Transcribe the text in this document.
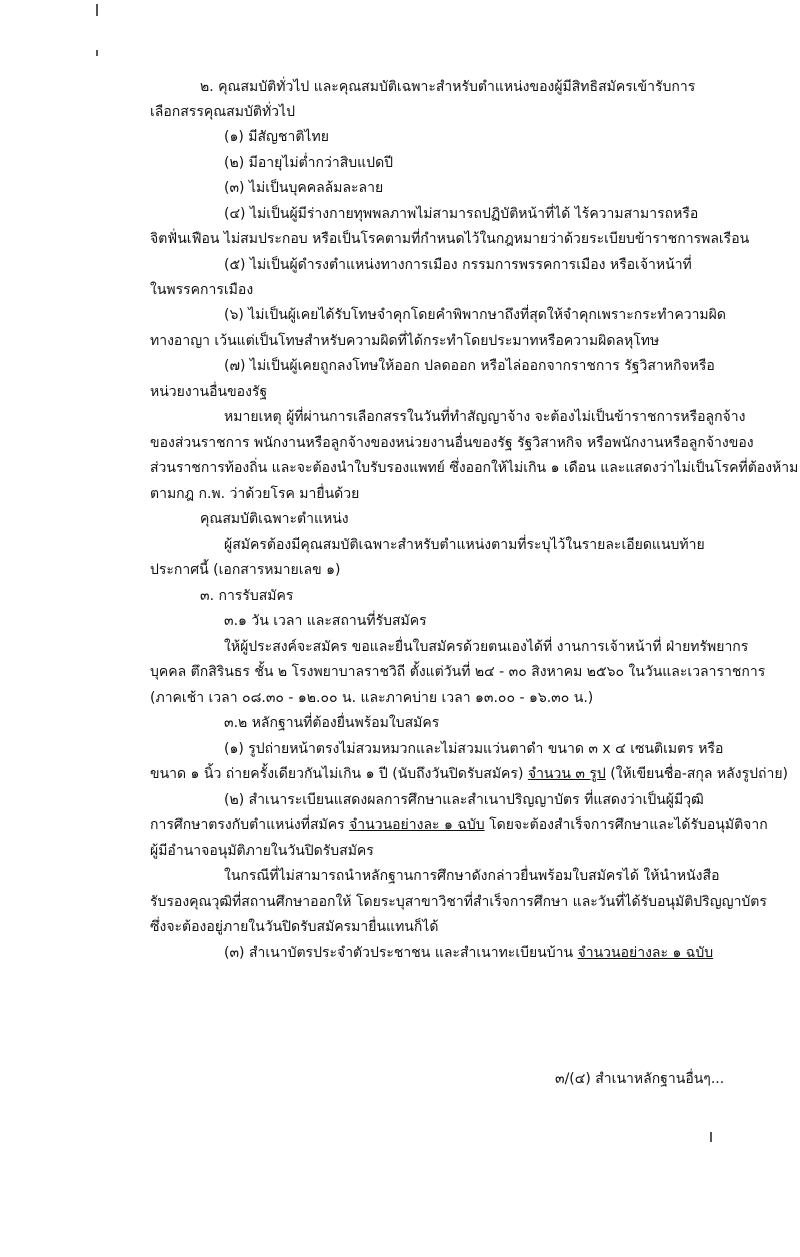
๒. คุณสมบัติทั่วไป และคุณสมบัติเฉพาะสำหรับตำแหน่งของผู้มีสิทธิสมัครเข้ารับการ
เลือกสรรคุณสมบัติทั่วไป
(๑) มีสัญชาติไทย
(๒) มีอายุไม่ต่ำกว่าสิบแปดปี
(๓) ไม่เป็นบุคคลล้มละลาย
(๔) ไม่เป็นผู้มีร่างกายทุพพลภาพไม่สามารถปฏิบัติหน้าที่ได้ ไร้ความสามารถหรือ
จิตฟั่นเฟือน ไม่สมประกอบ หรือเป็นโรคตามที่กำหนดไว้ในกฎหมายว่าด้วยระเบียบข้าราชการพลเรือน
(๕) ไม่เป็นผู้ดำรงตำแหน่งทางการเมือง กรรมการพรรคการเมือง หรือเจ้าหน้าที่
ในพรรคการเมือง
(๖) ไม่เป็นผู้เคยได้รับโทษจำคุกโดยคำพิพากษาถึงที่สุดให้จำคุกเพราะกระทำความผิด
ทางอาญา เว้นแต่เป็นโทษสำหรับความผิดที่ได้กระทำโดยประมาทหรือความผิดลหุโทษ
(๗) ไม่เป็นผู้เคยถูกลงโทษให้ออก ปลดออก หรือไล่ออกจากราชการ รัฐวิสาหกิจหรือ
หน่วยงานอื่นของรัฐ
หมายเหตุ ผู้ที่ผ่านการเลือกสรรในวันที่ทำสัญญาจ้าง จะต้องไม่เป็นข้าราชการหรือลูกจ้าง
ของส่วนราชการ พนักงานหรือลูกจ้างของหน่วยงานอื่นของรัฐ รัฐวิสาหกิจ หรือพนักงานหรือลูกจ้างของ
ส่วนราชการท้องถิ่น และจะต้องนำใบรับรองแพทย์ ซึ่งออกให้ไม่เกิน ๑ เดือน และแสดงว่าไม่เป็นโรคที่ต้องห้าม
ตามกฎ ก.พ. ว่าด้วยโรค มายื่นด้วย
คุณสมบัติเฉพาะตำแหน่ง
ผู้สมัครต้องมีคุณสมบัติเฉพาะสำหรับตำแหน่งตามที่ระบุไว้ในรายละเอียดแนบท้าย
ประกาศนี้ (เอกสารหมายเลข ๑)
๓. การรับสมัคร
๓.๑ วัน เวลา และสถานที่รับสมัคร
ให้ผู้ประสงค์จะสมัคร ขอและยื่นใบสมัครด้วยตนเองได้ที่ งานการเจ้าหน้าที่ ฝ่ายทรัพยากร
บุคคล ตึกสิรินธร ชั้น ๒ โรงพยาบาลราชวิถี ตั้งแต่วันที่ ๒๔ - ๓๐ สิงหาคม ๒๕๖๐ ในวันและเวลาราชการ
(ภาคเช้า เวลา ๐๘.๓๐ - ๑๒.๐๐ น. และภาคบ่าย เวลา ๑๓.๐๐ - ๑๖.๓๐ น.)
๓.๒ หลักฐานที่ต้องยื่นพร้อมใบสมัคร
(๑) รูปถ่ายหน้าตรงไม่สวมหมวกและไม่สวมแว่นตาดำ ขนาด ๓ x ๔ เซนติเมตร หรือ
ขนาด ๑ นิ้ว ถ่ายครั้งเดียวกันไม่เกิน ๑ ปี (นับถึงวันปิดรับสมัคร) จำนวน ๓ รูป (ให้เขียนชื่อ-สกุล หลังรูปถ่าย)
(๒) สำเนาระเบียนแสดงผลการศึกษาและสำเนาปริญญาบัตร ที่แสดงว่าเป็นผู้มีวุฒิ
การศึกษาตรงกับตำแหน่งที่สมัคร จำนวนอย่างละ ๑ ฉบับ โดยจะต้องสำเร็จการศึกษาและได้รับอนุมัติจาก
ผู้มีอำนาจอนุมัติภายในวันปิดรับสมัคร
ในกรณีที่ไม่สามารถนำหลักฐานการศึกษาดังกล่าวยื่นพร้อมใบสมัครได้ ให้นำหนังสือ
รับรองคุณวุฒิที่สถานศึกษาออกให้ โดยระบุสาขาวิชาที่สำเร็จการศึกษา และวันที่ได้รับอนุมัติปริญญาบัตร
ซึ่งจะต้องอยู่ภายในวันปิดรับสมัครมายื่นแทนก็ได้
(๓) สำเนาบัตรประจำตัวประชาชน และสำเนาทะเบียนบ้าน จำนวนอย่างละ ๑ ฉบับ
๓/(๔) สำเนาหลักฐานอื่นๆ...
